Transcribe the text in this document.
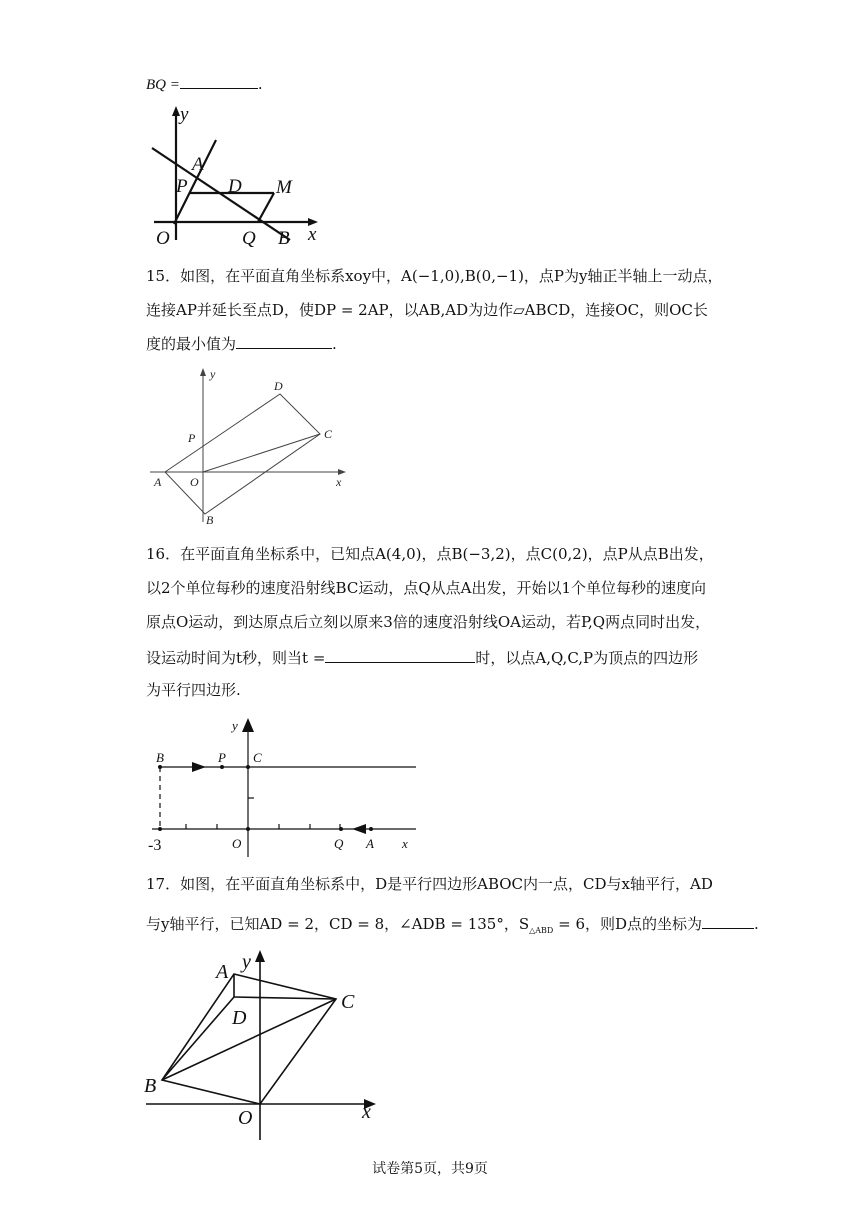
BQ =	.
y
A
P D M
O	Q B x
15．如图，在平面直角坐标系xoy中，A(−1,0),B(0,−1)，点P为y轴正半轴上一动点，
连接AP并延长至点D，使DP = 2AP，以AB,AD为边作▱ABCD，连接OC，则OC长
度的最小值为	.
y
D
P	C
A O	x
B
16．在平面直角坐标系中，已知点A(4,0)，点B(−3,2)，点C(0,2)，点P从点B出发，
以2个单位每秒的速度沿射线BC运动，点Q从点A出发，开始以1个单位每秒的速度向
原点O运动，到达原点后立刻以原来3倍的速度沿射线OA运动，若P,Q两点同时出发，
设运动时间为t秒，则当t =	时，以点A,Q,C,P为顶点的四边形
为平行四边形.
y
B	P C
O	Q A x
-3
17．如图，在平面直角坐标系中，D是平行四边形ABOC内一点，CD与x轴平行，AD
与y轴平行，已知AD = 2，CD = 8，∠ADB = 135°，$S_{\triangle ABD} = 6$，则D点的坐标为	.
A y
C
D
B
O	x
试卷第5页，共9页
